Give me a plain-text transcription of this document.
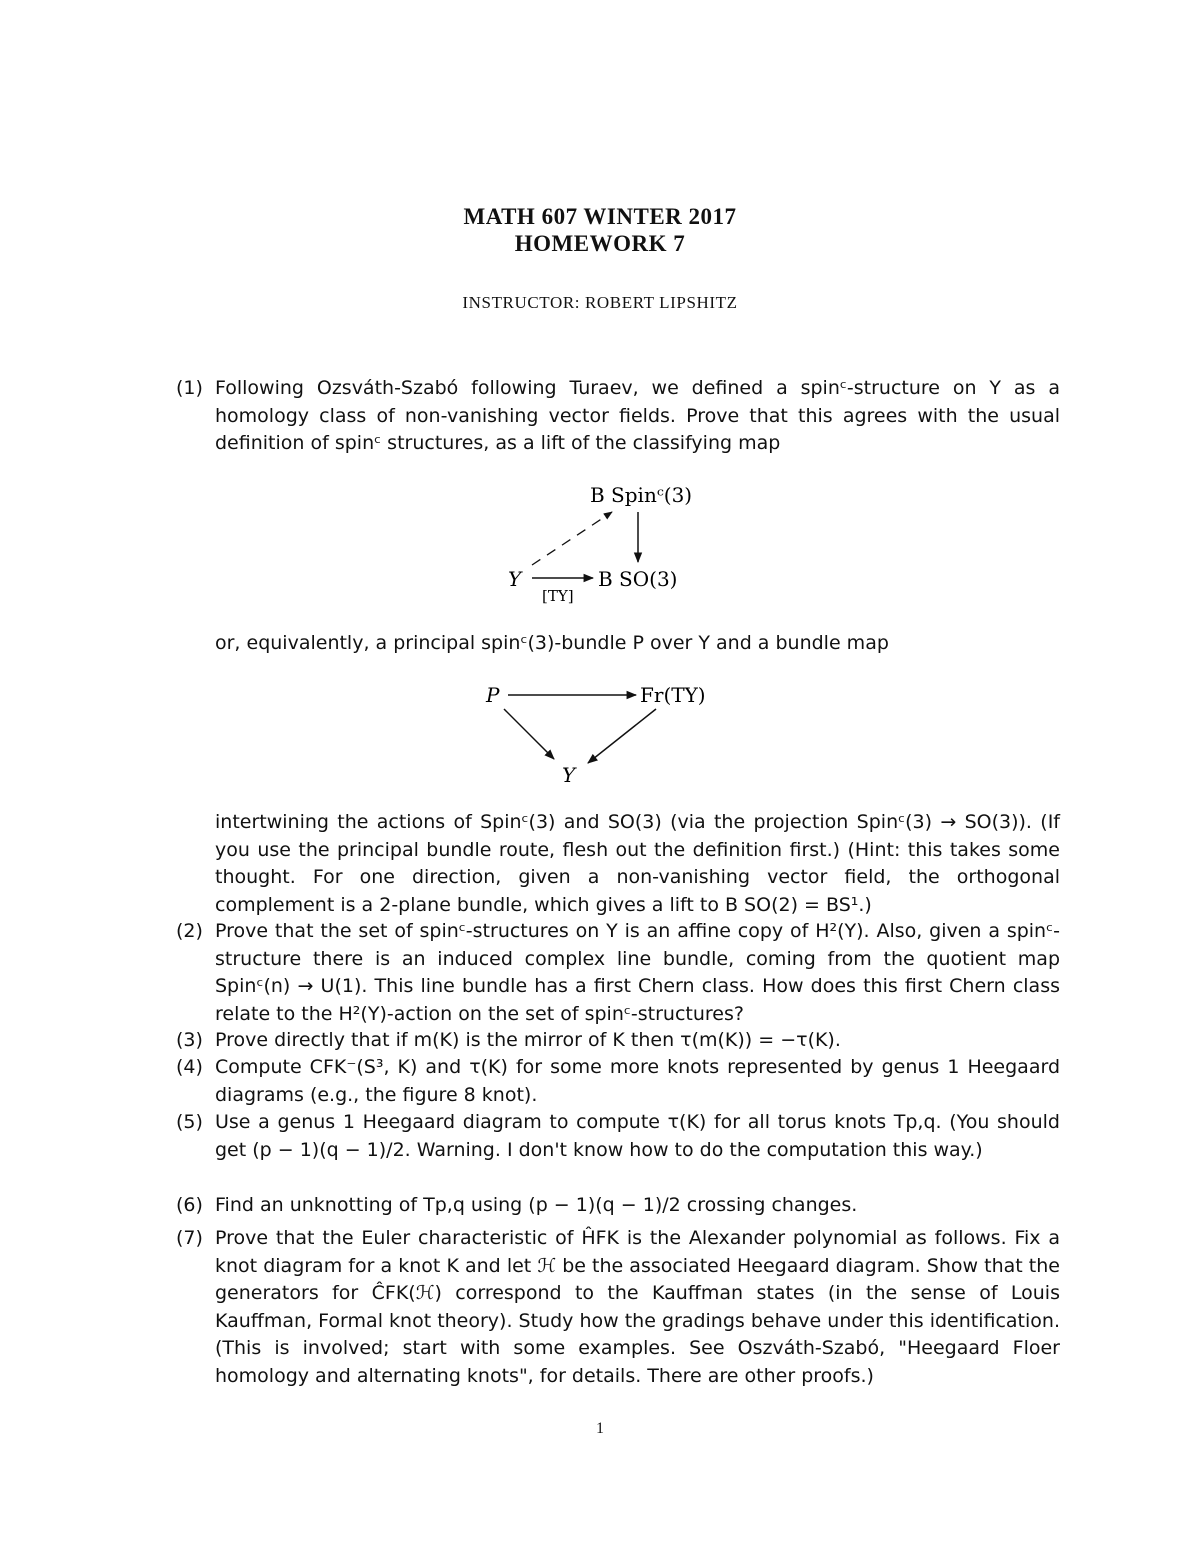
MATH 607 WINTER 2017
HOMEWORK 7
INSTRUCTOR: ROBERT LIPSHITZ
(1) Following Ozsváth-Szabó following Turaev, we defined a spinᶜ-structure on Y as a homology class of non-vanishing vector fields. Prove that this agrees with the usual definition of spinᶜ structures, as a lift of the classifying map
B Spinᶜ(3)
Y	B SO(3)
[TY]
or, equivalently, a principal spinᶜ(3)-bundle P over Y and a bundle map
P	Fr(TY)
Y
intertwining the actions of Spinᶜ(3) and SO(3) (via the projection Spinᶜ(3) → SO(3)). (If you use the principal bundle route, flesh out the definition first.) (Hint: this takes some thought. For one direction, given a non-vanishing vector field, the orthogonal complement is a 2-plane bundle, which gives a lift to B SO(2) = BS¹.)
(2) Prove that the set of spinᶜ-structures on Y is an affine copy of H²(Y). Also, given a spinᶜ-structure there is an induced complex line bundle, coming from the quotient map Spinᶜ(n) → U(1). This line bundle has a first Chern class. How does this first Chern class relate to the H²(Y)-action on the set of spinᶜ-structures?
(3) Prove directly that if m(K) is the mirror of K then τ(m(K)) = −τ(K).
(4) Compute CFK⁻(S³, K) and τ(K) for some more knots represented by genus 1 Heegaard diagrams (e.g., the figure 8 knot).
(5) Use a genus 1 Heegaard diagram to compute τ(K) for all torus knots Tp,q. (You should get (p − 1)(q − 1)/2. Warning. I don't know how to do the computation this way.)
(6) Find an unknotting of Tp,q using (p − 1)(q − 1)/2 crossing changes.
(7) Prove that the Euler characteristic of ĤFK is the Alexander polynomial as follows. Fix a knot diagram for a knot K and let ℋ be the associated Heegaard diagram. Show that the generators for ĈFK(ℋ) correspond to the Kauffman states (in the sense of Louis Kauffman, Formal knot theory). Study how the gradings behave under this identification. (This is involved; start with some examples. See Oszváth-Szabó, "Heegaard Floer homology and alternating knots", for details. There are other proofs.)
1
